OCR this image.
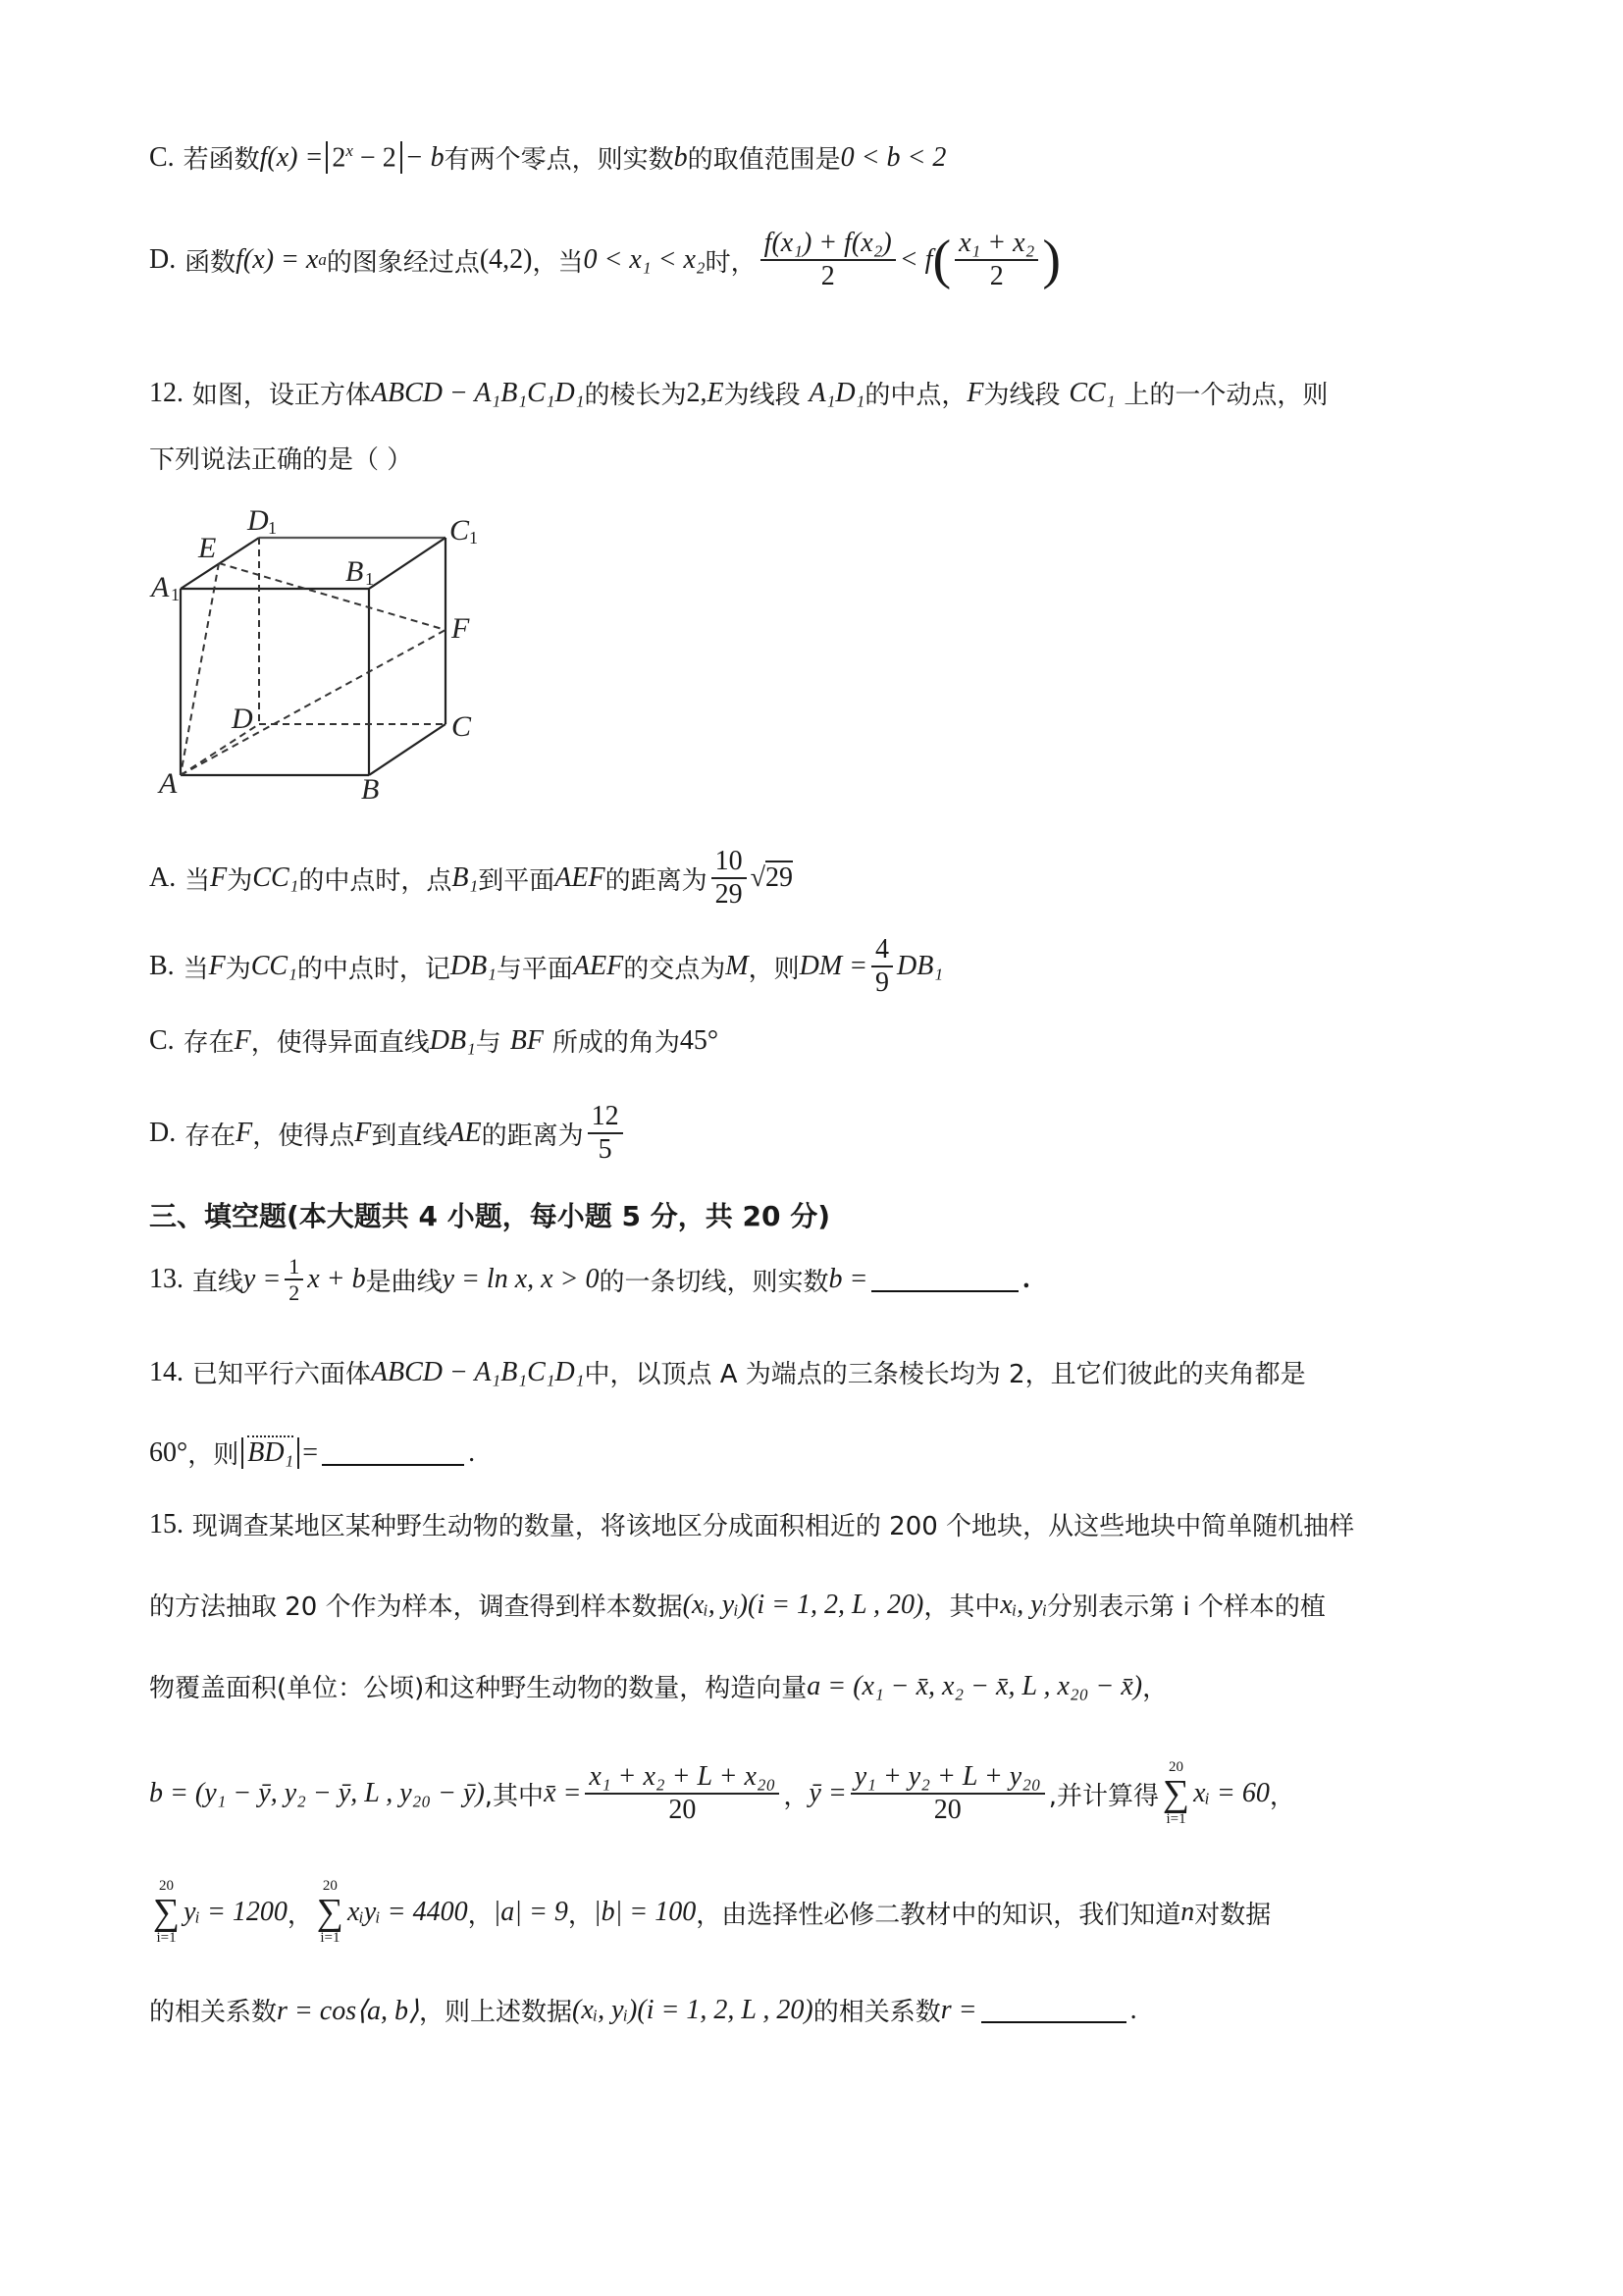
C.
若函数 $f(x) = 2^x - 2 - b$ 有两个零点，则实数 b 的取值范围是 0 < b < 2
D.
函数 f(x) = x a 的图象经过点 (4,2) ，当 0 < x₁ < x₂ 时， $\frac{\text{f(x₁) + f(x₂)}}{2} < f$ ( $\frac{\text{x₁ + x₂}}{2}$ )
12.
如图，设正方体 ABCD − A₁B₁C₁D₁ 的棱长为 2, E 为线段
A₁D₁ 的中点， F 为线段
CC₁
上的一个动点，则
下列说法正确的是（ ）
D 1	C 1
E
B 1
A 1
F
D	C
A	B
A.
当 F 为 CC₁ 的中点时，点 B₁ 到平面 AEF 的距离为 $\frac{10}{29} √29$
B.
当 F 为 CC₁ 的中点时，记 DB₁ 与平面 AEF 的交点为 M ，则 DM = $\frac{4}{9} DB_1$
C.
存在 F ，使得异面直线 DB₁ 与
BF
所成的角为 45°
D.
存在 F ，使得点 F 到直线 AE 的距离为 $\frac{12}{5}$
三、填空题(本大题共 4 小题，每小题 5 分，共 20 分)
13.
直线 $y = \frac{1}{2}$ x + b 是曲线 y = ln x, x > 0 的一条切线，则实数 b =	.
14.
已知平行六面体 ABCD − A₁B₁C₁D₁ 中，以顶点 A 为端点的三条棱长均为 2，且它们彼此的夹角都是
60° ，则 BD₁ =	.
15.
现调查某地区某种野生动物的数量，将该地区分成面积相近的 200 个地块，从这些地块中简单随机抽样
的方法抽取 20 个作为样本，调查得到样本数据 (xᵢ, yᵢ)(i = 1, 2, L , 20) ，其中 xᵢ, yᵢ 分别表示第 i 个样本的植
物覆盖面积(单位：公顷)和这种野生动物的数量，构造向量 a = (x₁ − x̄, x₂ − x̄, L , x₂₀ − x̄) ，
b = (y₁ − ȳ, y₂ − ȳ, L , y₂₀ − ȳ) ,其中 x̄ = $\frac{\text{x₁ + x₂ + L + x₂₀}}{20}$ ， ȳ = $\frac{\text{y₁ + y₂ + L + y₂₀}}{20}$ ,并计算得
20
∑
i=1
xᵢ = 60 ，
20
∑
i=1
yᵢ = 1200 ，
20
∑
i=1
xᵢyᵢ = 4400 ， |a| = 9 ， |b| = 100 ，由选择性必修二教材中的知识，我们知道 n 对数据
的相关系数 r = cos⟨a, b⟩ ，则上述数据 (xᵢ, yᵢ)(i = 1, 2, L , 20) 的相关系数 r =	.
